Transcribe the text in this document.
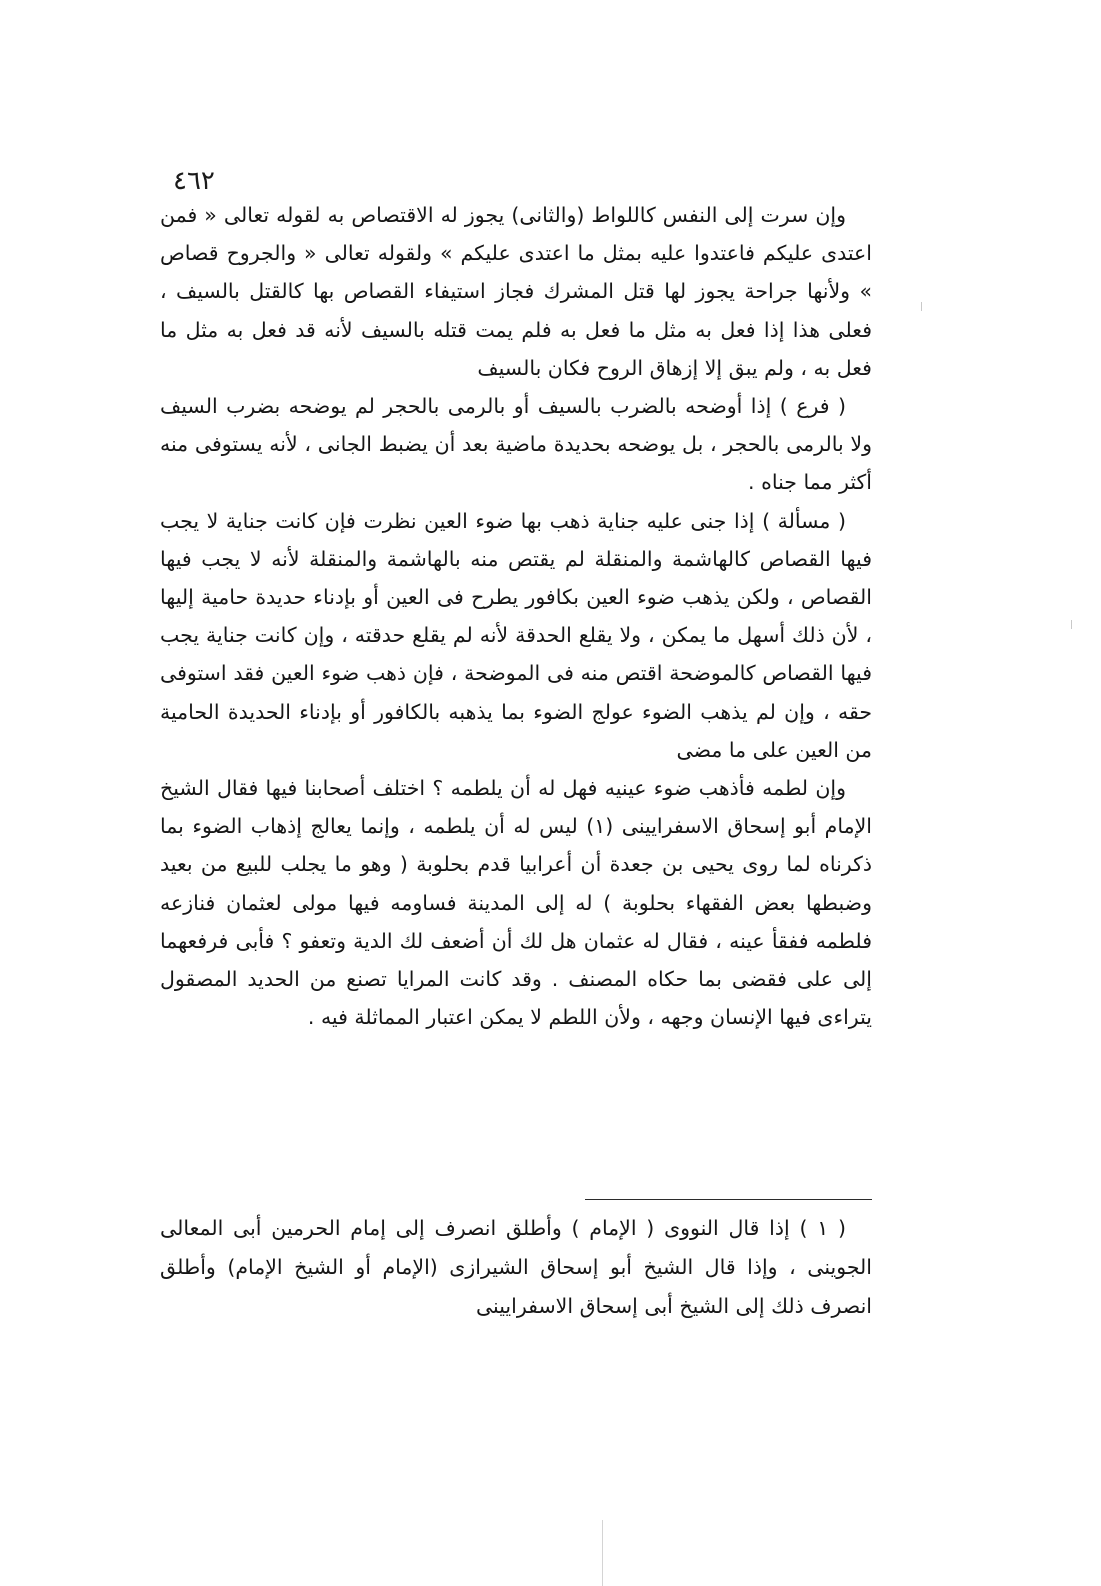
٤٦٢

وإن سرت إلى النفس كاللواط (والثانى) يجوز له الاقتصاص به لقوله تعالى « فمن اعتدى عليكم فاعتدوا عليه بمثل ما اعتدى عليكم » ولقوله تعالى « والجروح قصاص » ولأنها جراحة يجوز لها قتل المشرك فجاز استيفاء القصاص بها كالقتل بالسيف ، فعلى هذا إذا فعل به مثل ما فعل به فلم يمت قتله بالسيف لأنه قد فعل به مثل ما فعل به ، ولم يبق إلا إزهاق الروح فكان بالسيف

( فرع ) إذا أوضحه بالضرب بالسيف أو بالرمى بالحجر لم يوضحه بضرب السيف ولا بالرمى بالحجر ، بل يوضحه بحديدة ماضية بعد أن يضبط الجانى ، لأنه يستوفى منه أكثر مما جناه .

( مسألة ) إذا جنى عليه جناية ذهب بها ضوء العين نظرت فإن كانت جناية لا يجب فيها القصاص كالهاشمة والمنقلة لم يقتص منه بالهاشمة والمنقلة لأنه لا يجب فيها القصاص ، ولكن يذهب ضوء العين بكافور يطرح فى العين أو بإدناء حديدة حامية إليها ، لأن ذلك أسهل ما يمكن ، ولا يقلع الحدقة لأنه لم يقلع حدقته ، وإن كانت جناية يجب فيها القصاص كالموضحة اقتص منه فى الموضحة ، فإن ذهب ضوء العين فقد استوفى حقه ، وإن لم يذهب الضوء عولج الضوء بما يذهبه بالكافور أو بإدناء الحديدة الحامية من العين على ما مضى

وإن لطمه فأذهب ضوء عينيه فهل له أن يلطمه ؟ اختلف أصحابنا فيها فقال الشيخ الإمام أبو إسحاق الاسفرايينى (١) ليس له أن يلطمه ، وإنما يعالج إذهاب الضوء بما ذكرناه لما روى يحيى بن جعدة أن أعرابيا قدم بحلوبة ( وهو ما يجلب للبيع من بعيد وضبطها بعض الفقهاء بحلوبة ) له إلى المدينة فساومه فيها مولى لعثمان فنازعه فلطمه ففقأ عينه ، فقال له عثمان هل لك أن أضعف لك الدية وتعفو ؟ فأبى فرفعهما إلى على فقضى بما حكاه المصنف . وقد كانت المرايا تصنع من الحديد المصقول يتراءى فيها الإنسان وجهه ، ولأن اللطم لا يمكن اعتبار المماثلة فيه .

( ١ ) إذا قال النووى ( الإمام ) وأطلق انصرف إلى إمام الحرمين أبى المعالى الجوينى ، وإذا قال الشيخ أبو إسحاق الشيرازى (الإمام أو الشيخ الإمام) وأطلق انصرف ذلك إلى الشيخ أبى إسحاق الاسفرايينى
